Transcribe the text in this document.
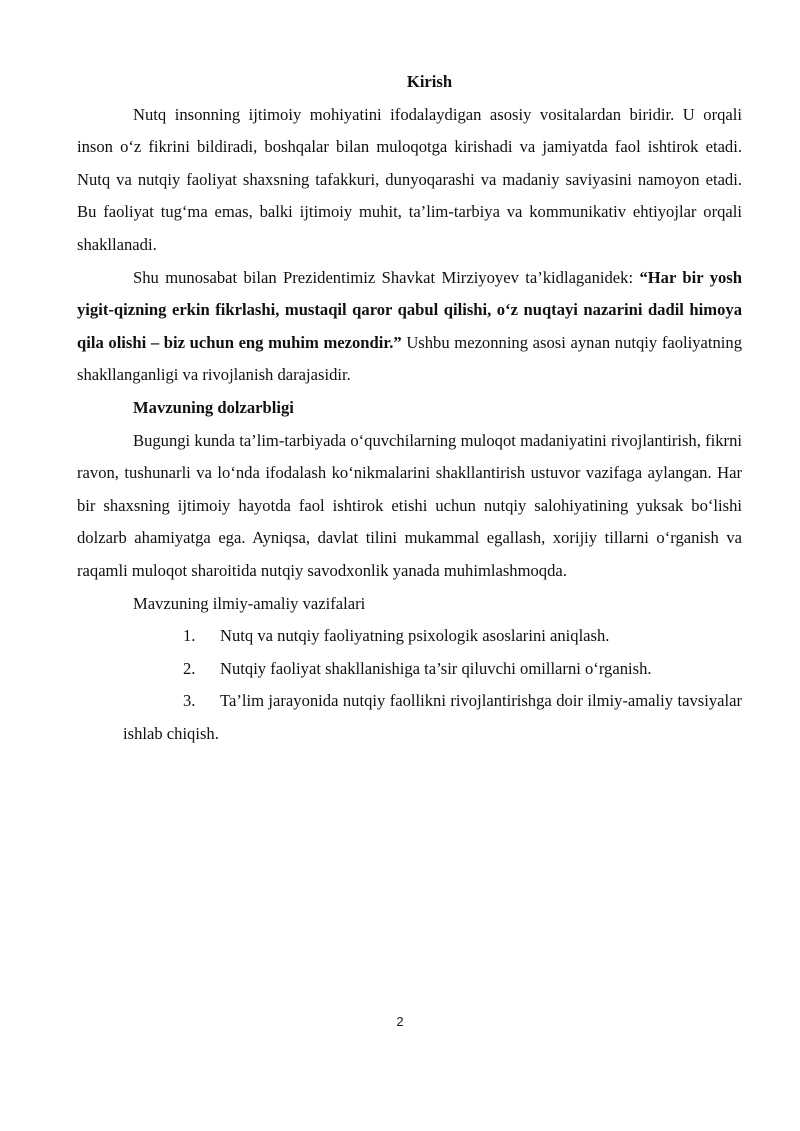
Kirish

Nutq insonning ijtimoiy mohiyatini ifodalaydigan asosiy vositalardan biridir. U orqali inson o‘z fikrini bildiradi, boshqalar bilan muloqotga kirishadi va jamiyatda faol ishtirok etadi. Nutq va nutqiy faoliyat shaxsning tafakkuri, dunyoqarashi va madaniy saviyasini namoyon etadi. Bu faoliyat tug‘ma emas, balki ijtimoiy muhit, ta’lim-tarbiya va kommunikativ ehtiyojlar orqali shakllanadi.

Shu munosabat bilan Prezidentimiz Shavkat Mirziyoyev ta’kidlaganidek: “Har bir yosh yigit-qizning erkin fikrlashi, mustaqil qaror qabul qilishi, o‘z nuqtayi nazarini dadil himoya qila olishi – biz uchun eng muhim mezondir.” Ushbu mezonning asosi aynan nutqiy faoliyatning shakllanganligi va rivojlanish darajasidir.

Mavzuning dolzarbligi

Bugungi kunda ta’lim-tarbiyada o‘quvchilarning muloqot madaniyatini rivojlantirish, fikrni ravon, tushunarli va lo‘nda ifodalash ko‘nikmalarini shakllantirish ustuvor vazifaga aylangan. Har bir shaxsning ijtimoiy hayotda faol ishtirok etishi uchun nutqiy salohiyatining yuksak bo‘lishi dolzarb ahamiyatga ega. Ayniqsa, davlat tilini mukammal egallash, xorijiy tillarni o‘rganish va raqamli muloqot sharoitida nutqiy savodxonlik yanada muhimlashmoqda.

Mavzuning ilmiy-amaliy vazifalari

1. Nutq va nutqiy faoliyatning psixologik asoslarini aniqlash.
2. Nutqiy faoliyat shakllanishiga ta’sir qiluvchi omillarni o‘rganish.
3. Ta’lim jarayonida nutqiy faollikni rivojlantirishga doir ilmiy-amaliy tavsiyalar ishlab chiqish.
2
